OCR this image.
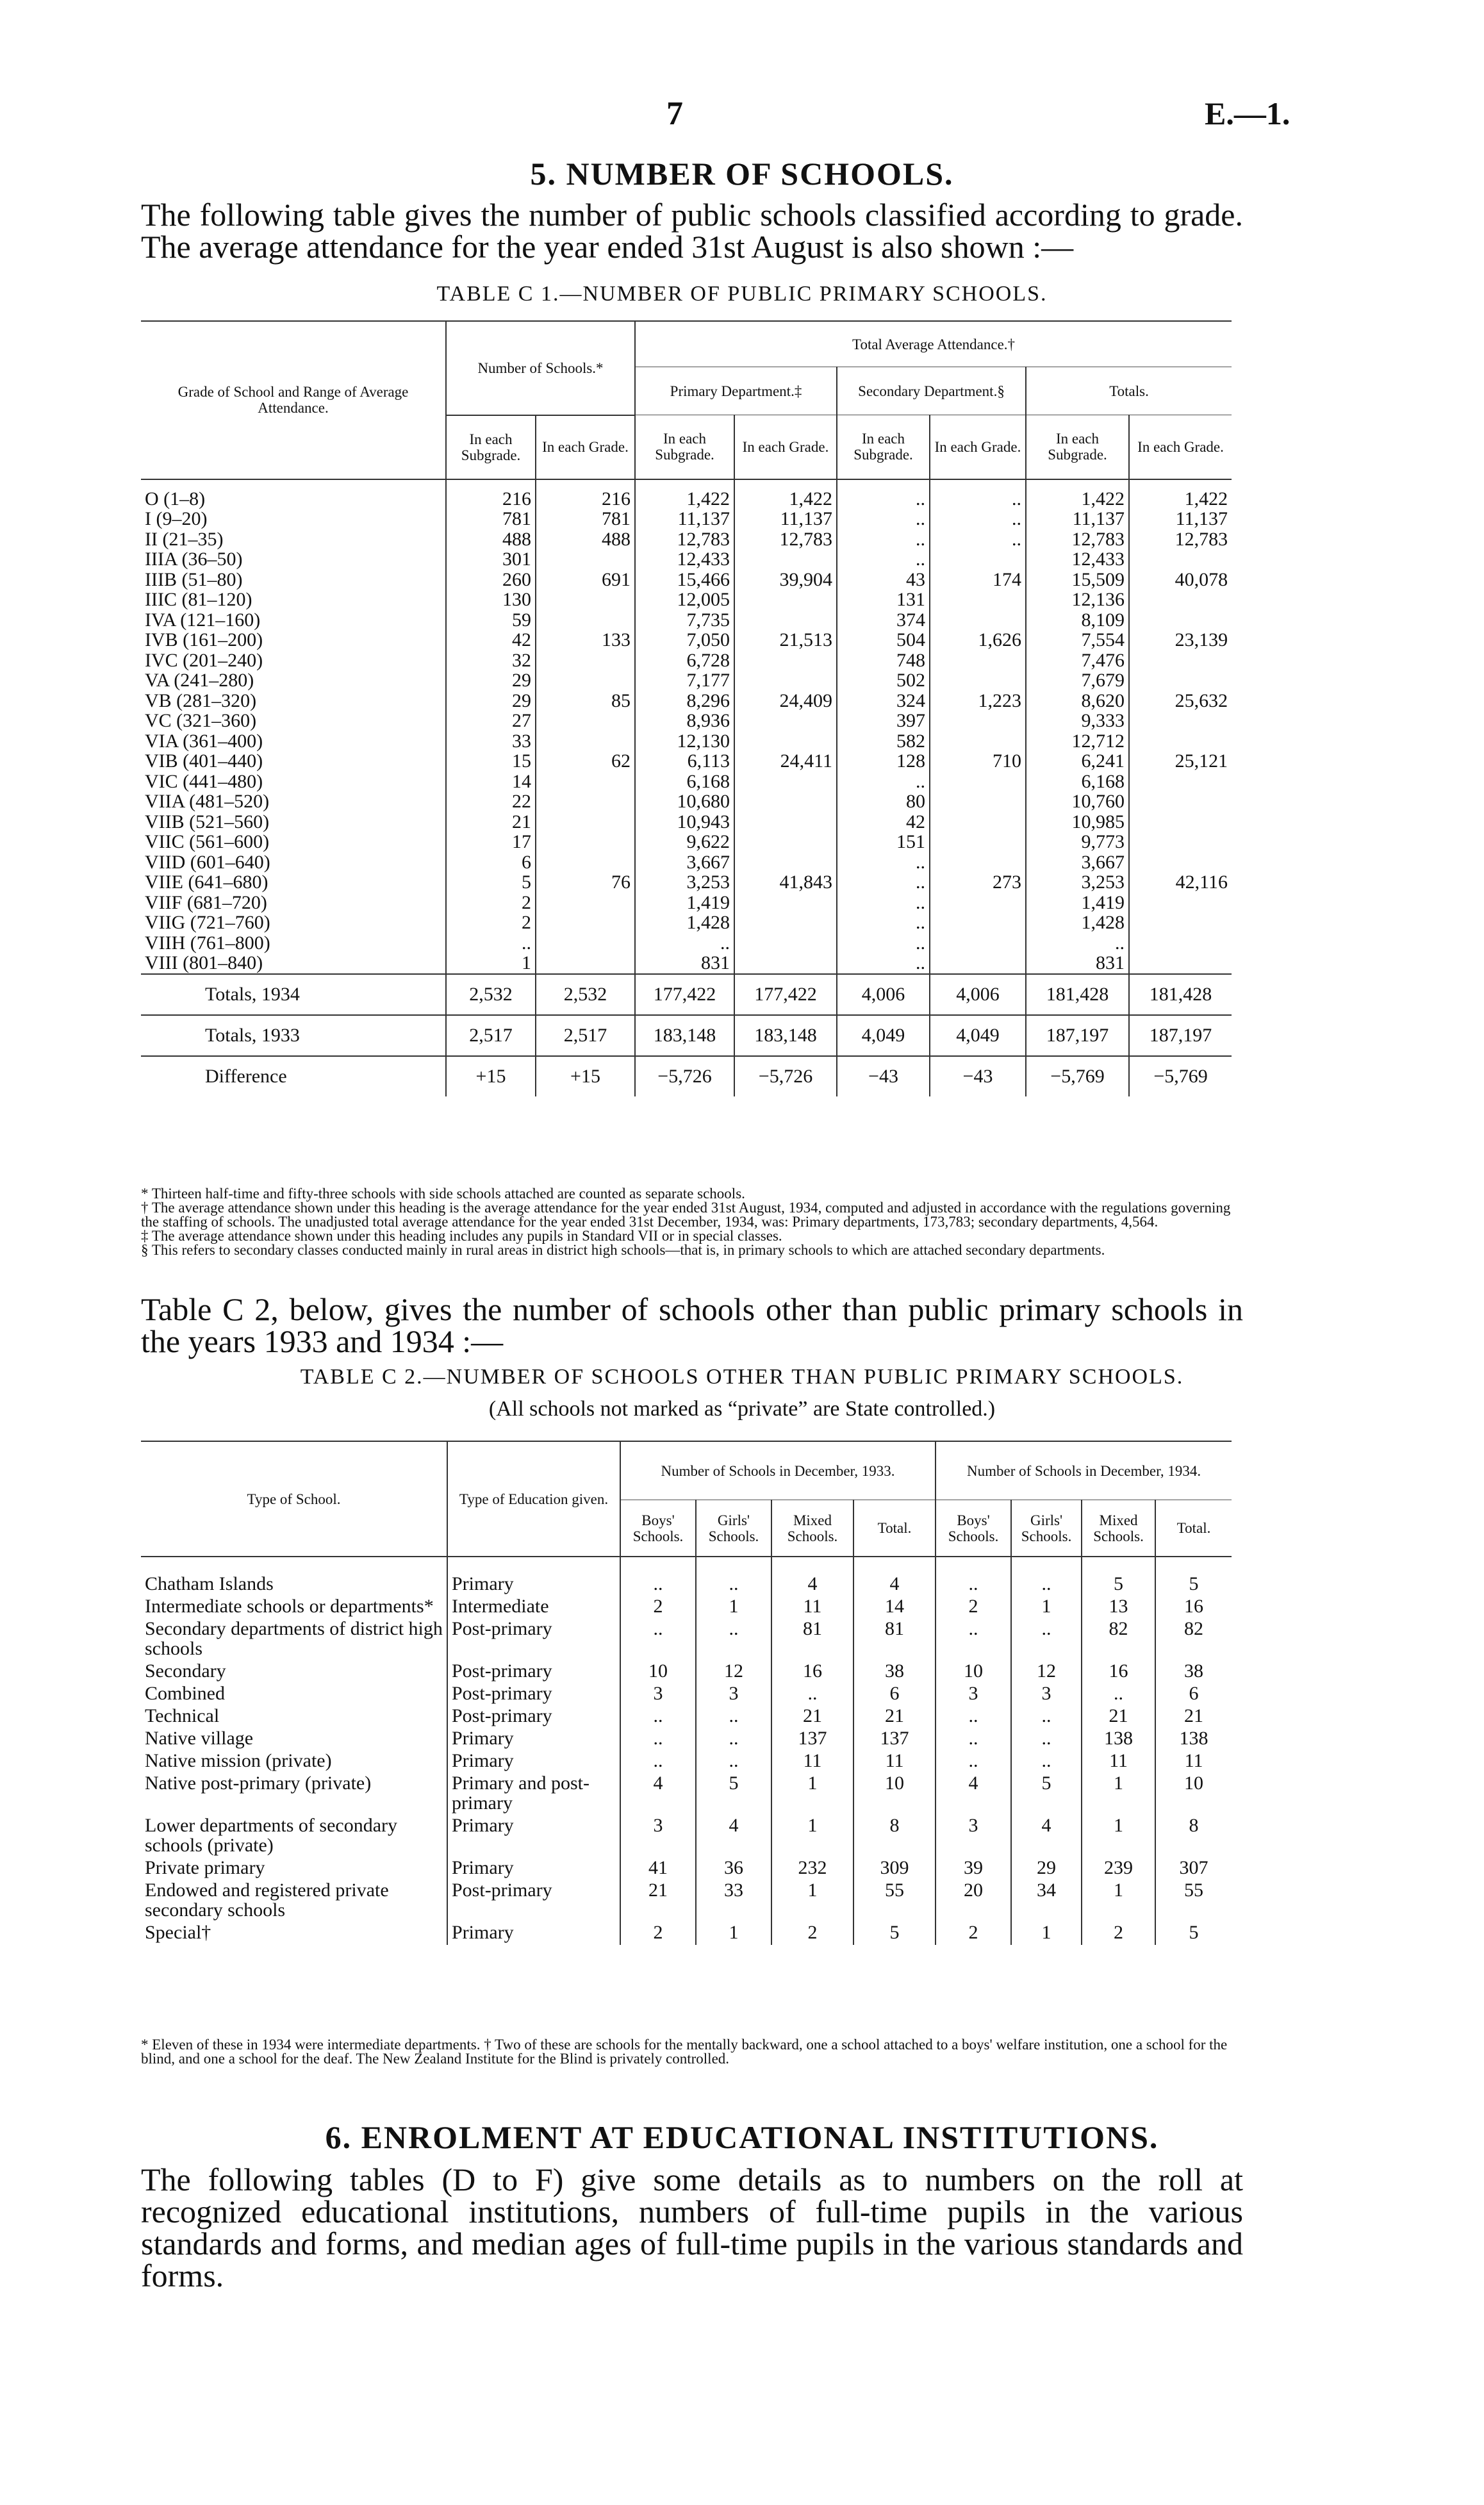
7	E.—1.
5. NUMBER OF SCHOOLS.
The following table gives the number of public schools classified according to grade. The average attendance for the year ended 31st August is also shown :—
TABLE C 1.—NUMBER OF PUBLIC PRIMARY SCHOOLS.
Grade of School and Range of Average Attendance.	Number of Schools.*		Total Average Attendance.†					
			Primary Department.‡		Secondary Department.§		Totals.	
	In each Subgrade.	In each Grade.	In each Subgrade.	In each Grade.	In each Subgrade.	In each Grade.	In each Subgrade.	In each Grade.
O (1–8)	216	216	1,422	1,422	..	..	1,422	1,422
I (9–20)	781	781	11,137	11,137	..	..	11,137	11,137
II (21–35)	488	488	12,783	12,783	..	..	12,783	12,783
IIIA (36–50)	301		12,433		..		12,433	
IIIB (51–80)	260	691	15,466	39,904	43	174	15,509	40,078
IIIC (81–120)	130		12,005		131		12,136	
IVA (121–160)	59		7,735		374		8,109	
IVB (161–200)	42	133	7,050	21,513	504	1,626	7,554	23,139
IVC (201–240)	32		6,728		748		7,476	
VA (241–280)	29		7,177		502		7,679	
VB (281–320)	29	85	8,296	24,409	324	1,223	8,620	25,632
VC (321–360)	27		8,936		397		9,333	
VIA (361–400)	33		12,130		582		12,712	
VIB (401–440)	15	62	6,113	24,411	128	710	6,241	25,121
VIC (441–480)	14		6,168		..		6,168	
VIIA (481–520)	22		10,680		80		10,760	
VIIB (521–560)	21		10,943		42		10,985	
VIIC (561–600)	17		9,622		151		9,773	
VIID (601–640)	6		3,667		..		3,667	
VIIE (641–680)	5	76	3,253	41,843	..	273	3,253	42,116
VIIF (681–720)	2		1,419		..		1,419	
VIIG (721–760)	2		1,428		..		1,428	
VIIH (761–800)	..		..		..		..	
VIII (801–840)	1		831		..		831	
Totals, 1934	2,532	2,532	177,422	177,422	4,006	4,006	181,428	181,428
Totals, 1933	2,517	2,517	183,148	183,148	4,049	4,049	187,197	187,197
Difference	+15	+15	−5,726	−5,726	−43	−43	−5,769	−5,769

* Thirteen half-time and fifty-three schools with side schools attached are counted as separate schools.

† The average attendance shown under this heading is the average attendance for the year ended 31st August, 1934, computed and adjusted in accordance with the regulations governing the staffing of schools. The unadjusted total average attendance for the year ended 31st December, 1934, was: Primary departments, 173,783; secondary departments, 4,564.

‡ The average attendance shown under this heading includes any pupils in Standard VII or in special classes.

§ This refers to secondary classes conducted mainly in rural areas in district high schools—that is, in primary schools to which are attached secondary departments.

Table C 2, below, gives the number of schools other than public primary schools in the years 1933 and 1934 :—
TABLE C 2.—NUMBER OF SCHOOLS OTHER THAN PUBLIC PRIMARY SCHOOLS.
(All schools not marked as “private” are State controlled.)
Type of School.	Type of Education given.	Number of Schools in December, 1933.				Number of Schools in December, 1934.			
		Boys' Schools.	Girls' Schools.	Mixed Schools.	Total.	Boys' Schools.	Girls' Schools.	Mixed Schools.	Total.
Chatham Islands	Primary	..	..	4	4	..	..	5	5
Intermediate schools or departments*	Intermediate	2	1	11	14	2	1	13	16
Secondary departments of district high schools	Post-primary	..	..	81	81	..	..	82	82
Secondary	Post-primary	10	12	16	38	10	12	16	38
Combined	Post-primary	3	3	..	6	3	3	..	6
Technical	Post-primary	..	..	21	21	..	..	21	21
Native village	Primary	..	..	137	137	..	..	138	138
Native mission (private)	Primary	..	..	11	11	..	..	11	11
Native post-primary (private)	Primary and post-primary	4	5	1	10	4	5	1	10
Lower departments of secondary schools (private)	Primary	3	4	1	8	3	4	1	8
Private primary	Primary	41	36	232	309	39	29	239	307
Endowed and registered private secondary schools	Post-primary	21	33	1	55	20	34	1	55
Special†	Primary	2	1	2	5	2	1	2	5
* Eleven of these in 1934 were intermediate departments. † Two of these are schools for the mentally backward, one a school attached to a boys' welfare institution, one a school for the blind, and one a school for the deaf. The New Zealand Institute for the Blind is privately controlled.
6. ENROLMENT AT EDUCATIONAL INSTITUTIONS.
The following tables (D to F) give some details as to numbers on the roll at recognized educational institutions, numbers of full-time pupils in the various standards and forms, and median ages of full-time pupils in the various standards and forms.
